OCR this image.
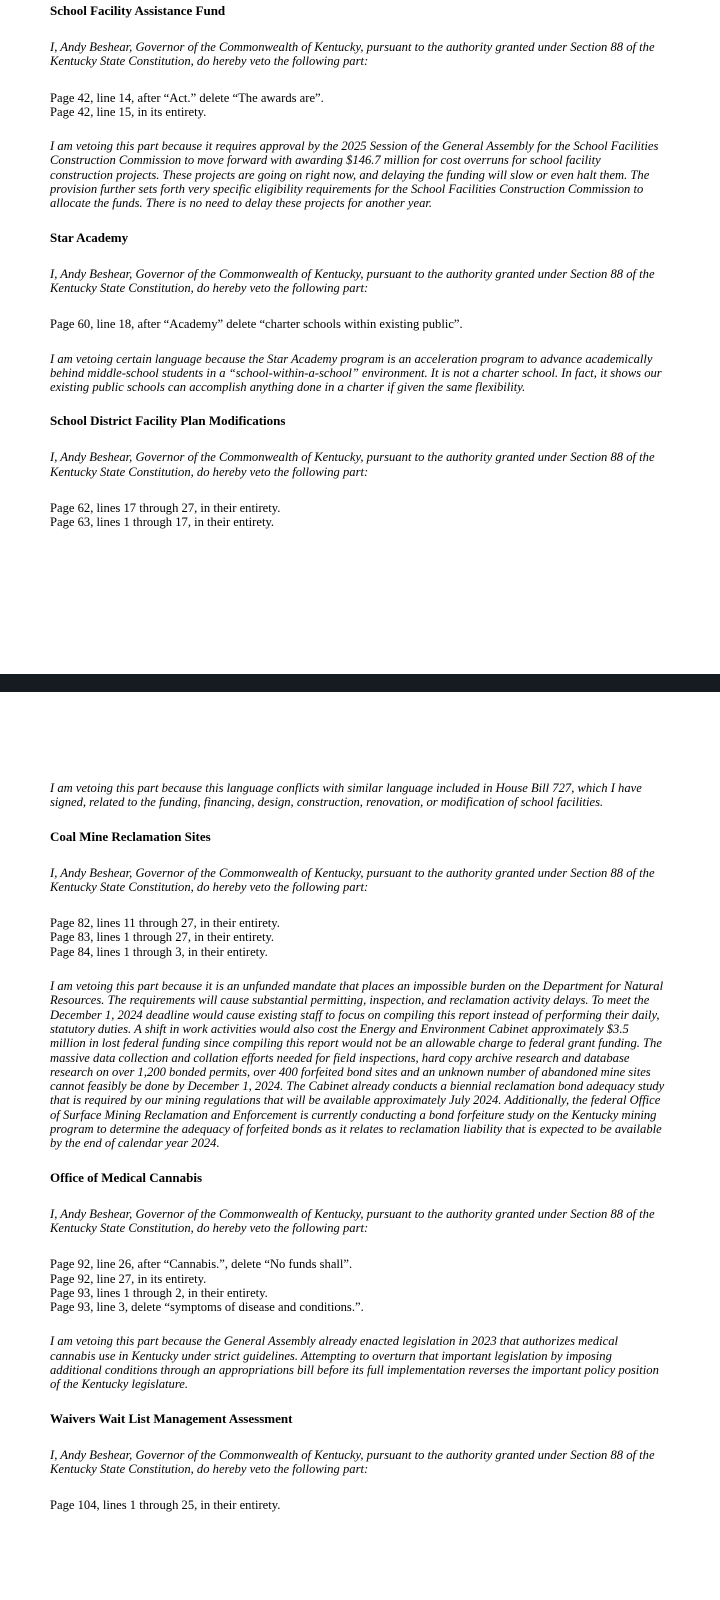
School Facility Assistance Fund

I, Andy Beshear, Governor of the Commonwealth of Kentucky, pursuant to the authority granted under Section 88 of the Kentucky State Constitution, do hereby veto the following part:

Page 42, line 14, after “Act.” delete “The awards are”.

Page 42, line 15, in its entirety.

I am vetoing this part because it requires approval by the 2025 Session of the General Assembly for the School Facilities Construction Commission to move forward with awarding $146.7 million for cost overruns for school facility construction projects. These projects are going on right now, and delaying the funding will slow or even halt them. The provision further sets forth very specific eligibility requirements for the School Facilities Construction Commission to allocate the funds. There is no need to delay these projects for another year.

Star Academy

I, Andy Beshear, Governor of the Commonwealth of Kentucky, pursuant to the authority granted under Section 88 of the Kentucky State Constitution, do hereby veto the following part:

Page 60, line 18, after “Academy” delete “charter schools within existing public”.

I am vetoing certain language because the Star Academy program is an acceleration program to advance academically behind middle-school students in a “school-within-a-school” environment. It is not a charter school. In fact, it shows our existing public schools can accomplish anything done in a charter if given the same flexibility.

School District Facility Plan Modifications

I, Andy Beshear, Governor of the Commonwealth of Kentucky, pursuant to the authority granted under Section 88 of the Kentucky State Constitution, do hereby veto the following part:

Page 62, lines 17 through 27, in their entirety.

Page 63, lines 1 through 17, in their entirety.

I am vetoing this part because this language conflicts with similar language included in House Bill 727, which I have signed, related to the funding, financing, design, construction, renovation, or modification of school facilities.

Coal Mine Reclamation Sites

I, Andy Beshear, Governor of the Commonwealth of Kentucky, pursuant to the authority granted under Section 88 of the Kentucky State Constitution, do hereby veto the following part:

Page 82, lines 11 through 27, in their entirety.

Page 83, lines 1 through 27, in their entirety.

Page 84, lines 1 through 3, in their entirety.

I am vetoing this part because it is an unfunded mandate that places an impossible burden on the Department for Natural Resources. The requirements will cause substantial permitting, inspection, and reclamation activity delays. To meet the December 1, 2024 deadline would cause existing staff to focus on compiling this report instead of performing their daily, statutory duties. A shift in work activities would also cost the Energy and Environment Cabinet approximately $3.5 million in lost federal funding since compiling this report would not be an allowable charge to federal grant funding. The massive data collection and collation efforts needed for field inspections, hard copy archive research and database research on over 1,200 bonded permits, over 400 forfeited bond sites and an unknown number of abandoned mine sites cannot feasibly be done by December 1, 2024. The Cabinet already conducts a biennial reclamation bond adequacy study that is required by our mining regulations that will be available approximately July 2024. Additionally, the federal Office of Surface Mining Reclamation and Enforcement is currently conducting a bond forfeiture study on the Kentucky mining program to determine the adequacy of forfeited bonds as it relates to reclamation liability that is expected to be available by the end of calendar year 2024.

Office of Medical Cannabis

I, Andy Beshear, Governor of the Commonwealth of Kentucky, pursuant to the authority granted under Section 88 of the Kentucky State Constitution, do hereby veto the following part:

Page 92, line 26, after “Cannabis.”, delete “No funds shall”.

Page 92, line 27, in its entirety.

Page 93, lines 1 through 2, in their entirety.

Page 93, line 3, delete “symptoms of disease and conditions.”.

I am vetoing this part because the General Assembly already enacted legislation in 2023 that authorizes medical cannabis use in Kentucky under strict guidelines. Attempting to overturn that important legislation by imposing additional conditions through an appropriations bill before its full implementation reverses the important policy position of the Kentucky legislature.

Waivers Wait List Management Assessment

I, Andy Beshear, Governor of the Commonwealth of Kentucky, pursuant to the authority granted under Section 88 of the Kentucky State Constitution, do hereby veto the following part:

Page 104, lines 1 through 25, in their entirety.
